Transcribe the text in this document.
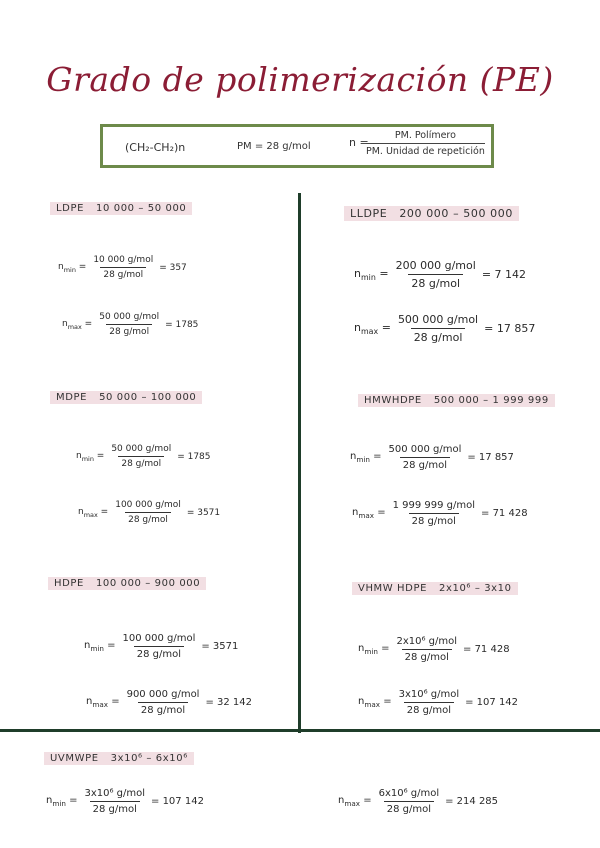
Grado de polimerización (PE)
(CH₂-CH₂)n	PM = 28 g/mol	n =
PM. Polímero
PM. Unidad de repetición
LDPE 10 000 – 50 000
$n_{min}$ =
10 000 g/mol
28 g/mol
= 357
$n_{max}$ =
50 000 g/mol
28 g/mol
= 1785
LLDPE 200 000 – 500 000
$n_{min}$ =
200 000 g/mol
28 g/mol
= 7 142
$n_{max}$ =
500 000 g/mol
28 g/mol
= 17 857
MDPE 50 000 – 100 000
$n_{min}$ =
50 000 g/mol
28 g/mol
= 1785
$n_{max}$ =
100 000 g/mol
28 g/mol
= 3571
HMWHDPE 500 000 – 1 999 999
$n_{min}$ =
500 000 g/mol
28 g/mol
= 17 857
$n_{max}$ =
1 999 999 g/mol
28 g/mol
= 71 428
HDPE 100 000 – 900 000
$n_{min}$ =
100 000 g/mol
28 g/mol
= 3571
$n_{max}$ =
900 000 g/mol
28 g/mol
= 32 142
VHMW HDPE 2x10⁶ – 3x10
$n_{min}$ =
2x10⁶ g/mol
28 g/mol
= 71 428
$n_{max}$ =
3x10⁶ g/mol
28 g/mol
= 107 142
UVMWPE 3x10⁶ – 6x10⁶
$n_{min}$ =
3x10⁶ g/mol
28 g/mol
= 107 142	$n_{max}$ =
6x10⁶ g/mol
28 g/mol
= 214 285
